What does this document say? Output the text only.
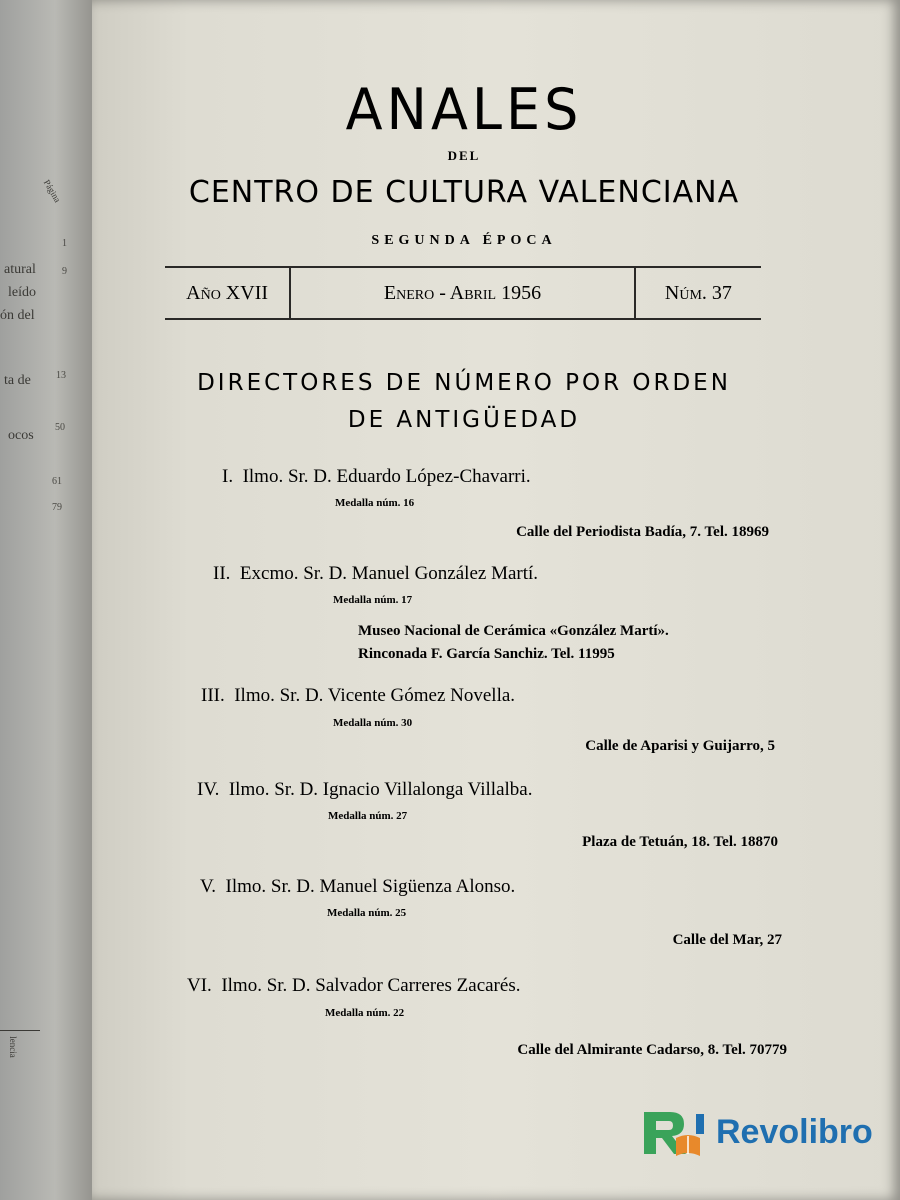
Página
atural
leído
ón del
ta de
ocos
lencia
1
9
13
50
61
79
ANALES
DEL
CENTRO DE CULTURA VALENCIANA
SEGUNDA ÉPOCA
Año XVII	Enero - Abril 1956	Núm. 37
DIRECTORES DE NÚMERO POR ORDEN
DE ANTIGÜEDAD
I. Ilmo. Sr. D. Eduardo López-Chavarri.
Medalla núm. 16
Calle del Periodista Badía, 7. Tel. 18969
II. Excmo. Sr. D. Manuel González Martí.
Medalla núm. 17
Museo Nacional de Cerámica «González Martí».
Rinconada F. García Sanchiz. Tel. 11995
III. Ilmo. Sr. D. Vicente Gómez Novella.
Medalla núm. 30
Calle de Aparisi y Guijarro, 5
IV. Ilmo. Sr. D. Ignacio Villalonga Villalba.
Medalla núm. 27
Plaza de Tetuán, 18. Tel. 18870
V. Ilmo. Sr. D. Manuel Sigüenza Alonso.
Medalla núm. 25
Calle del Mar, 27
VI. Ilmo. Sr. D. Salvador Carreres Zacarés.
Medalla núm. 22
Calle del Almirante Cadarso, 8. Tel. 70779
Revolibro
